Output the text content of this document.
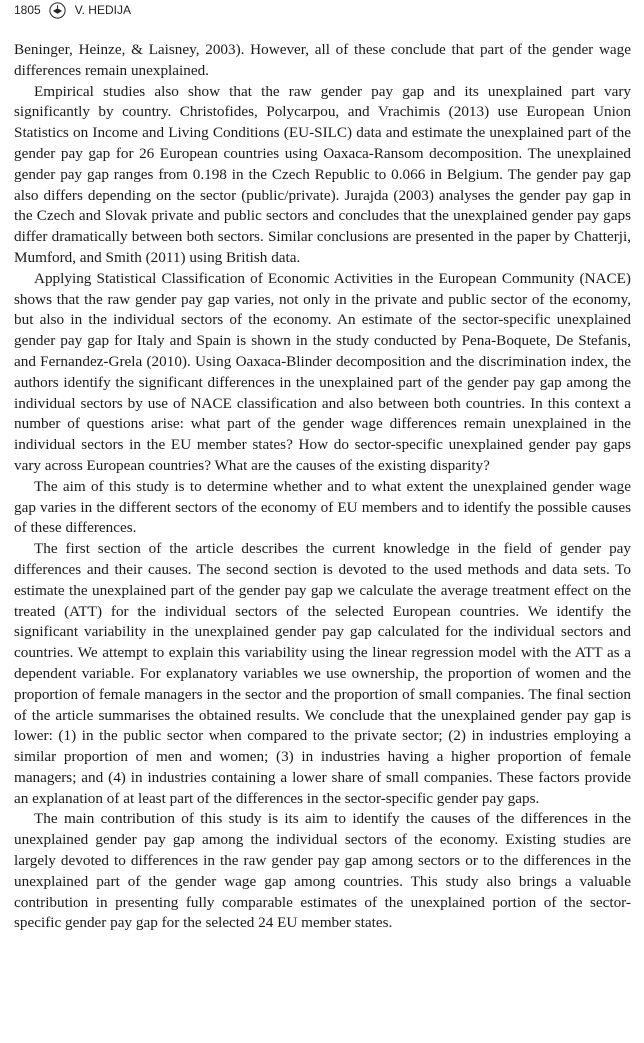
1805	V. HEDIJA

Beninger, Heinze, & Laisney, 2003). However, all of these conclude that part of the gender wage differences remain unexplained.

Empirical studies also show that the raw gender pay gap and its unexplained part vary significantly by country. Christofides, Polycarpou, and Vrachimis (2013) use European Union Statistics on Income and Living Conditions (EU-SILC) data and estimate the unexplained part of the gender pay gap for 26 European countries using Oaxaca-Ransom decomposition. The unexplained gender pay gap ranges from 0.198 in the Czech Republic to 0.066 in Belgium. The gender pay gap also differs depending on the sector (public/private). Jurajda (2003) analyses the gender pay gap in the Czech and Slovak private and public sectors and concludes that the unexplained gender pay gaps differ dramatically between both sectors. Similar conclusions are presented in the paper by Chatterji, Mumford, and Smith (2011) using British data.

Applying Statistical Classification of Economic Activities in the European Community (NACE) shows that the raw gender pay gap varies, not only in the private and public sector of the economy, but also in the individual sectors of the economy. An estimate of the sector-specific unexplained gender pay gap for Italy and Spain is shown in the study conducted by Pena-Boquete, De Stefanis, and Fernandez-Grela (2010). Using Oaxaca-Blinder decomposition and the discrimination index, the authors identify the significant differences in the unexplained part of the gender pay gap among the individual sectors by use of NACE classification and also between both countries. In this context a number of questions arise: what part of the gender wage differences remain unexplained in the individual sectors in the EU member states? How do sector-specific unexplained gender pay gaps vary across European countries? What are the causes of the existing disparity?

The aim of this study is to determine whether and to what extent the unexplained gender wage gap varies in the different sectors of the economy of EU members and to identify the possible causes of these differences.

The first section of the article describes the current knowledge in the field of gender pay differences and their causes. The second section is devoted to the used methods and data sets. To estimate the unexplained part of the gender pay gap we calculate the average treatment effect on the treated (ATT) for the individual sectors of the selected European countries. We identify the significant variability in the unexplained gender pay gap calculated for the individual sectors and countries. We attempt to explain this variability using the linear regression model with the ATT as a dependent variable. For explanatory variables we use ownership, the proportion of women and the proportion of female managers in the sector and the proportion of small companies. The final section of the article summarises the obtained results. We conclude that the unexplained gender pay gap is lower: (1) in the public sector when compared to the private sector; (2) in industries employing a similar proportion of men and women; (3) in industries having a higher proportion of female managers; and (4) in industries containing a lower share of small companies. These factors provide an explanation of at least part of the differences in the sector-specific gender pay gaps.

The main contribution of this study is its aim to identify the causes of the differences in the unexplained gender pay gap among the individual sectors of the economy. Existing studies are largely devoted to differences in the raw gender pay gap among sectors or to the differences in the unexplained part of the gender wage gap among countries. This study also brings a valuable contribution in presenting fully comparable estimates of the unexplained portion of the sector-specific gender pay gap for the selected 24 EU member states.
